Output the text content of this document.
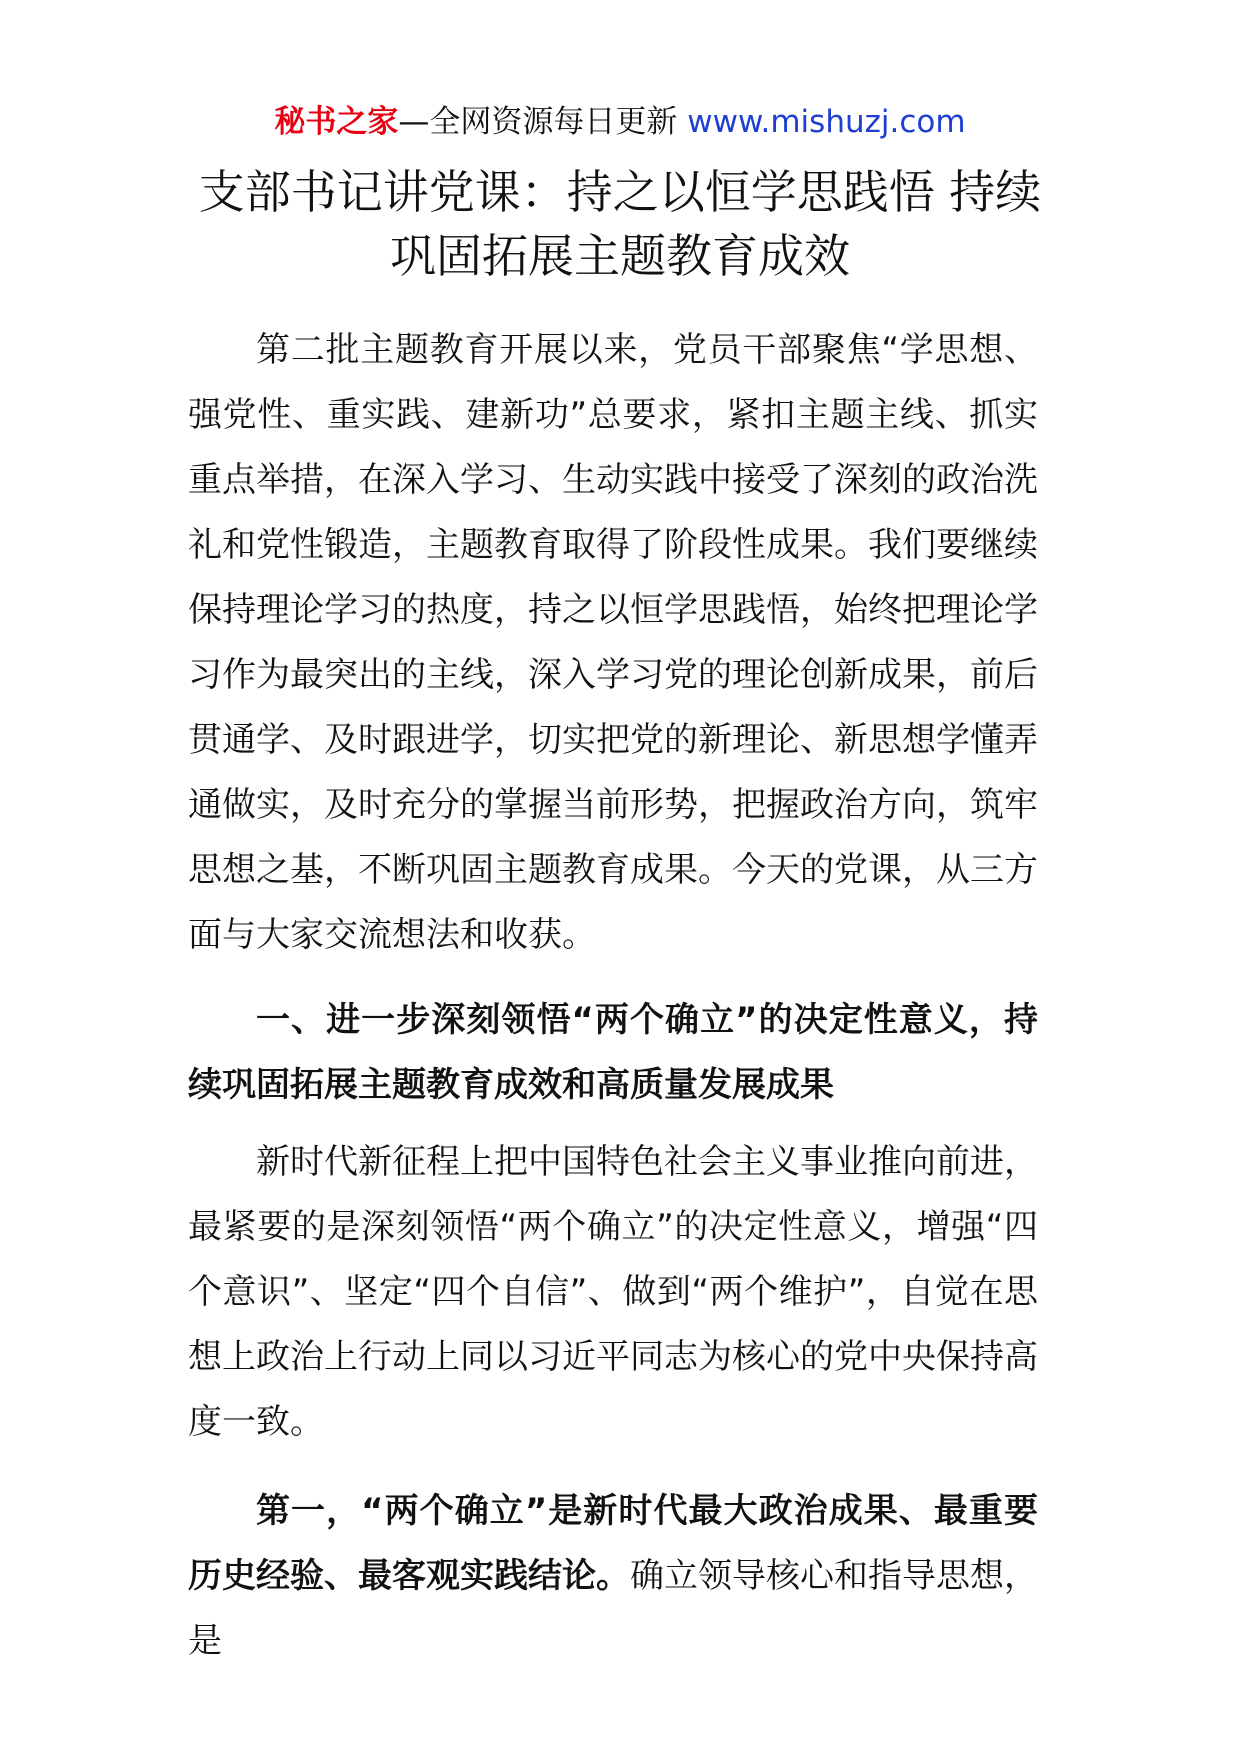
秘书之家—全网资源每日更新 www.mishuzj.com
支部书记讲党课：持之以恒学思践悟 持续
巩固拓展主题教育成效

第二批主题教育开展以来，党员干部聚焦“学思想、强党性、重实践、建新功”总要求，紧扣主题主线、抓实重点举措，在深入学习、生动实践中接受了深刻的政治洗礼和党性锻造，主题教育取得了阶段性成果。我们要继续保持理论学习的热度，持之以恒学思践悟，始终把理论学习作为最突出的主线，深入学习党的理论创新成果，前后贯通学、及时跟进学，切实把党的新理论、新思想学懂弄通做实，及时充分的掌握当前形势，把握政治方向，筑牢思想之基，不断巩固主题教育成果。今天的党课，从三方面与大家交流想法和收获。

一、进一步深刻领悟“两个确立”的决定性意义，持续巩固拓展主题教育成效和高质量发展成果

新时代新征程上把中国特色社会主义事业推向前进，最紧要的是深刻领悟“两个确立”的决定性意义，增强“四个意识”、坚定“四个自信”、做到“两个维护”，自觉在思想上政治上行动上同以习近平同志为核心的党中央保持高度一致。

第一，“两个确立”是新时代最大政治成果、最重要历史经验、最客观实践结论。确立领导核心和指导思想，是
